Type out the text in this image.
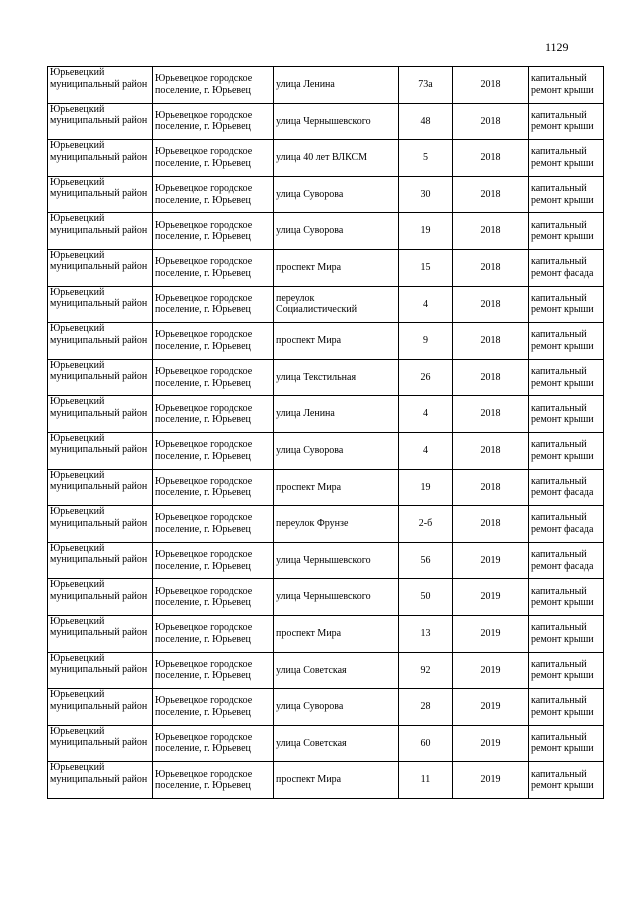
1129
Юрьевецкий муниципальный район	Юрьевецкое городское поселение, г. Юрьевец	улица Ленина	73а	2018	капитальный ремонт крыши
Юрьевецкий муниципальный район	Юрьевецкое городское поселение, г. Юрьевец	улица Чернышевского	48	2018	капитальный ремонт крыши
Юрьевецкий муниципальный район	Юрьевецкое городское поселение, г. Юрьевец	улица 40 лет ВЛКСМ	5	2018	капитальный ремонт крыши
Юрьевецкий муниципальный район	Юрьевецкое городское поселение, г. Юрьевец	улица Суворова	30	2018	капитальный ремонт крыши
Юрьевецкий муниципальный район	Юрьевецкое городское поселение, г. Юрьевец	улица Суворова	19	2018	капитальный ремонт крыши
Юрьевецкий муниципальный район	Юрьевецкое городское поселение, г. Юрьевец	проспект Мира	15	2018	капитальный ремонт фасада
Юрьевецкий муниципальный район	Юрьевецкое городское поселение, г. Юрьевец	переулок Социалистический	4	2018	капитальный ремонт крыши
Юрьевецкий муниципальный район	Юрьевецкое городское поселение, г. Юрьевец	проспект Мира	9	2018	капитальный ремонт крыши
Юрьевецкий муниципальный район	Юрьевецкое городское поселение, г. Юрьевец	улица Текстильная	26	2018	капитальный ремонт крыши
Юрьевецкий муниципальный район	Юрьевецкое городское поселение, г. Юрьевец	улица Ленина	4	2018	капитальный ремонт крыши
Юрьевецкий муниципальный район	Юрьевецкое городское поселение, г. Юрьевец	улица Суворова	4	2018	капитальный ремонт крыши
Юрьевецкий муниципальный район	Юрьевецкое городское поселение, г. Юрьевец	проспект Мира	19	2018	капитальный ремонт фасада
Юрьевецкий муниципальный район	Юрьевецкое городское поселение, г. Юрьевец	переулок Фрунзе	2-б	2018	капитальный ремонт фасада
Юрьевецкий муниципальный район	Юрьевецкое городское поселение, г. Юрьевец	улица Чернышевского	56	2019	капитальный ремонт фасада
Юрьевецкий муниципальный район	Юрьевецкое городское поселение, г. Юрьевец	улица Чернышевского	50	2019	капитальный ремонт крыши
Юрьевецкий муниципальный район	Юрьевецкое городское поселение, г. Юрьевец	проспект Мира	13	2019	капитальный ремонт крыши
Юрьевецкий муниципальный район	Юрьевецкое городское поселение, г. Юрьевец	улица Советская	92	2019	капитальный ремонт крыши
Юрьевецкий муниципальный район	Юрьевецкое городское поселение, г. Юрьевец	улица Суворова	28	2019	капитальный ремонт крыши
Юрьевецкий муниципальный район	Юрьевецкое городское поселение, г. Юрьевец	улица Советская	60	2019	капитальный ремонт крыши
Юрьевецкий муниципальный район	Юрьевецкое городское поселение, г. Юрьевец	проспект Мира	11	2019	капитальный ремонт крыши
